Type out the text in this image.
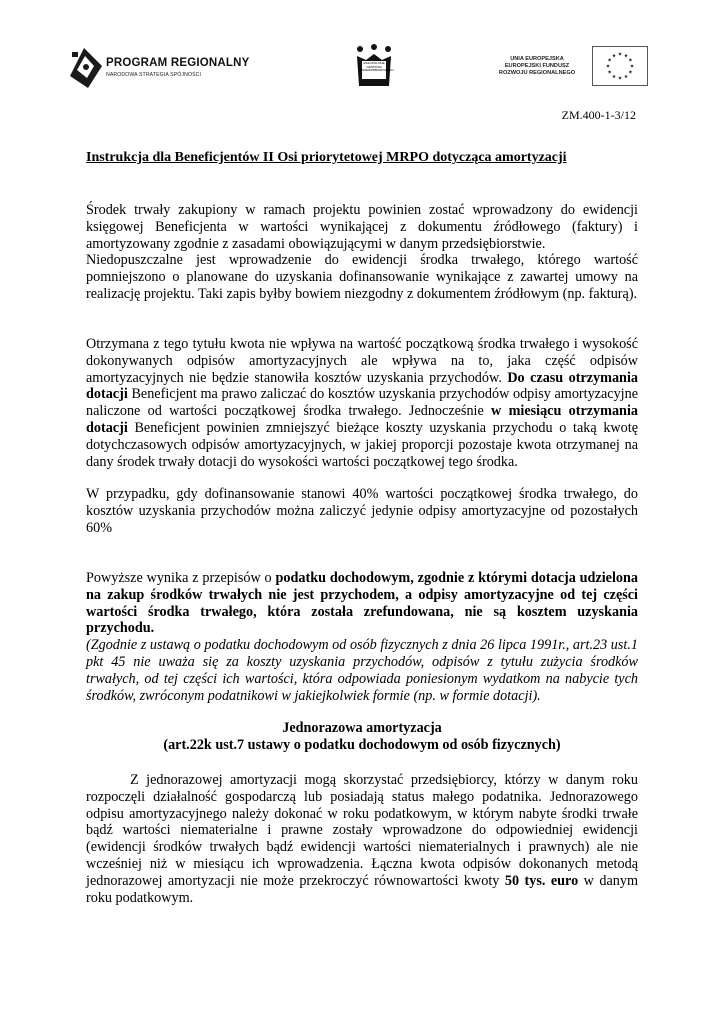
PROGRAM REGIONALNY
NARODOWA STRATEGIA SPÓJNOŚCI
MAŁOPOLSKIE CENTRUM PRZEDSIĘBIORCZOŚCI
UNIA EUROPEJSKA
EUROPEJSKI FUNDUSZ
ROZWOJU REGIONALNEGO
ZM.400-1-3/12
Instrukcja dla Beneficjentów II Osi priorytetowej MRPO dotycząca amortyzacji

Środek trwały zakupiony w ramach projektu powinien zostać wprowadzony do ewidencji księgowej Beneficjenta w wartości wynikającej z dokumentu źródłowego (faktury) i amortyzowany zgodnie z zasadami obowiązującymi w danym przedsiębiorstwie.
Niedopuszczalne jest wprowadzenie do ewidencji środka trwałego, którego wartość pomniejszono o planowane do uzyskania dofinansowanie wynikające z zawartej umowy na realizację projektu. Taki zapis byłby bowiem niezgodny z dokumentem źródłowym (np. fakturą).

Otrzymana z tego tytułu kwota nie wpływa na wartość początkową środka trwałego i wysokość dokonywanych odpisów amortyzacyjnych ale wpływa na to, jaka część odpisów amortyzacyjnych nie będzie stanowiła kosztów uzyskania przychodów. Do czasu otrzymania dotacji Beneficjent ma prawo zaliczać do kosztów uzyskania przychodów odpisy amortyzacyjne naliczone od wartości początkowej środka trwałego. Jednocześnie w miesiącu otrzymania dotacji Beneficjent powinien zmniejszyć bieżące koszty uzyskania przychodu o taką kwotę dotychczasowych odpisów amortyzacyjnych, w jakiej proporcji pozostaje kwota otrzymanej na dany środek trwały dotacji do wysokości wartości początkowej tego środka.

W przypadku, gdy dofinansowanie stanowi 40% wartości początkowej środka trwałego, do kosztów uzyskania przychodów można zaliczyć jedynie odpisy amortyzacyjne od pozostałych 60%

Powyższe wynika z przepisów o podatku dochodowym, zgodnie z którymi dotacja udzielona na zakup środków trwałych nie jest przychodem, a odpisy amortyzacyjne od tej części wartości środka trwałego, która została zrefundowana, nie są kosztem uzyskania przychodu.
(Zgodnie z ustawą o podatku dochodowym od osób fizycznych z dnia 26 lipca 1991r., art.23 ust.1 pkt 45 nie uważa się za koszty uzyskania przychodów, odpisów z tytułu zużycia środków trwałych, od tej części ich wartości, która odpowiada poniesionym wydatkom na nabycie tych środków, zwróconym podatnikowi w jakiejkolwiek formie (np. w formie dotacji).

Jednorazowa amortyzacja
(art.22k ust.7 ustawy o podatku dochodowym od osób fizycznych)

Z jednorazowej amortyzacji mogą skorzystać przedsiębiorcy, którzy w danym roku rozpoczęli działalność gospodarczą lub posiadają status małego podatnika. Jednorazowego odpisu amortyzacyjnego należy dokonać w roku podatkowym, w którym nabyte środki trwałe bądź wartości niematerialne i prawne zostały wprowadzone do odpowiedniej ewidencji (ewidencji środków trwałych bądź ewidencji wartości niematerialnych i prawnych) ale nie wcześniej niż w miesiącu ich wprowadzenia. Łączna kwota odpisów dokonanych metodą jednorazowej amortyzacji nie może przekroczyć równowartości kwoty 50 tys. euro w danym roku podatkowym.
